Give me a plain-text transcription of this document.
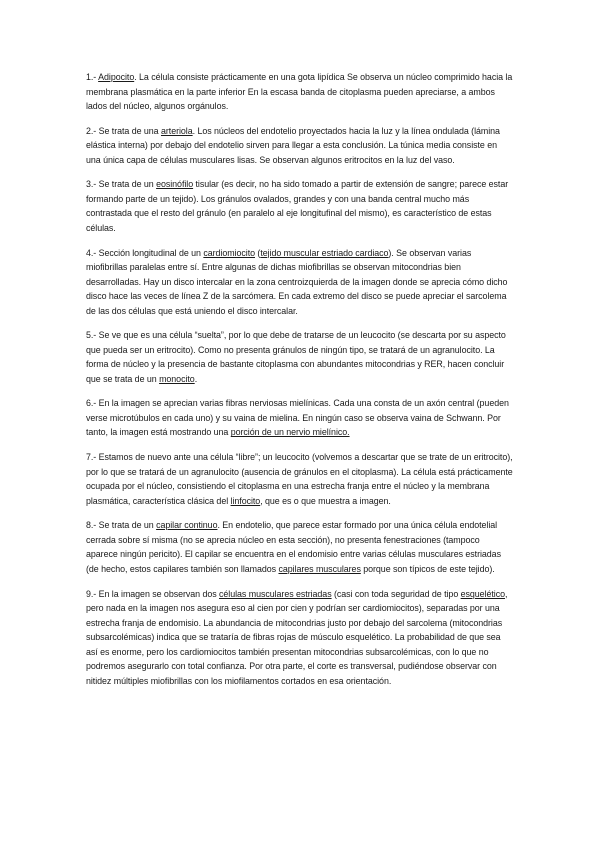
1.- Adipocito. La célula consiste prácticamente en una gota lipídica Se observa un núcleo comprimido hacia la membrana plasmática en la parte inferior En la escasa banda de citoplasma pueden apreciarse, a ambos lados del núcleo, algunos orgánulos.

2.- Se trata de una arteriola. Los núcleos del endotelio proyectados hacia la luz y la línea ondulada (lámina elástica interna) por debajo del endotelio sirven para llegar a esta conclusión. La túnica media consiste en una única capa de células musculares lisas. Se observan algunos eritrocitos en la luz del vaso.

3.- Se trata de un eosinófilo tisular (es decir, no ha sido tomado a partir de extensión de sangre; parece estar formando parte de un tejido). Los gránulos ovalados, grandes y con una banda central mucho más contrastada que el resto del gránulo (en paralelo al eje longitufinal del mismo), es característico de estas células.

4.- Sección longitudinal de un cardiomiocito (tejido muscular estriado cardiaco). Se observan varias miofibrillas paralelas entre sí. Entre algunas de dichas miofibrillas se observan mitocondrias bien desarrolladas. Hay un disco intercalar en la zona centroizquierda de la imagen donde se aprecia cómo dicho disco hace las veces de línea Z de la sarcómera. En cada extremo del disco se puede apreciar el sarcolema de las dos células que está uniendo el disco intercalar.

5.- Se ve que es una célula “suelta”, por lo que debe de tratarse de un leucocito (se descarta por su aspecto que pueda ser un eritrocito). Como no presenta gránulos de ningún tipo, se tratará de un agranulocito. La forma de núcleo y la presencia de bastante citoplasma con abundantes mitocondrias y RER, hacen concluir que se trata de un monocito.

6.- En la imagen se aprecian varias fibras nerviosas mielínicas. Cada una consta de un axón central (pueden verse microtúbulos en cada uno) y su vaina de mielina. En ningún caso se observa vaina de Schwann. Por tanto, la imagen está mostrando una porción de un nervio mielínico.

7.- Estamos de nuevo ante una célula “libre”; un leucocito (volvemos a descartar que se trate de un eritrocito), por lo que se tratará de un agranulocito (ausencia de gránulos en el citoplasma). La célula está prácticamente ocupada por el núcleo, consistiendo el citoplasma en una estrecha franja entre el núcleo y la membrana plasmática, característica clásica del linfocito, que es o que muestra a imagen.

8.- Se trata de un capilar continuo. En endotelio, que parece estar formado por una única célula endotelial cerrada sobre sí misma (no se aprecia núcleo en esta sección), no presenta fenestraciones (tampoco aparece ningún pericito). El capilar se encuentra en el endomisio entre varias células musculares estriadas (de hecho, estos capilares también son llamados capilares musculares porque son típicos de este tejido).

9.- En la imagen se observan dos células musculares estriadas (casi con toda seguridad de tipo esquelético, pero nada en la imagen nos asegura eso al cien por cien y podrían ser cardiomiocitos), separadas por una estrecha franja de endomisio. La abundancia de mitocondrias justo por debajo del sarcolema (mitocondrias subsarcolémicas) indica que se trataría de fibras rojas de músculo esquelético. La probabilidad de que sea así es enorme, pero los cardiomiocitos también presentan mitocondrias subsarcolémicas, con lo que no podremos asegurarlo con total confianza. Por otra parte, el corte es transversal, pudiéndose observar con nitidez múltiples miofibrillas con los miofilamentos cortados en esa orientación.
